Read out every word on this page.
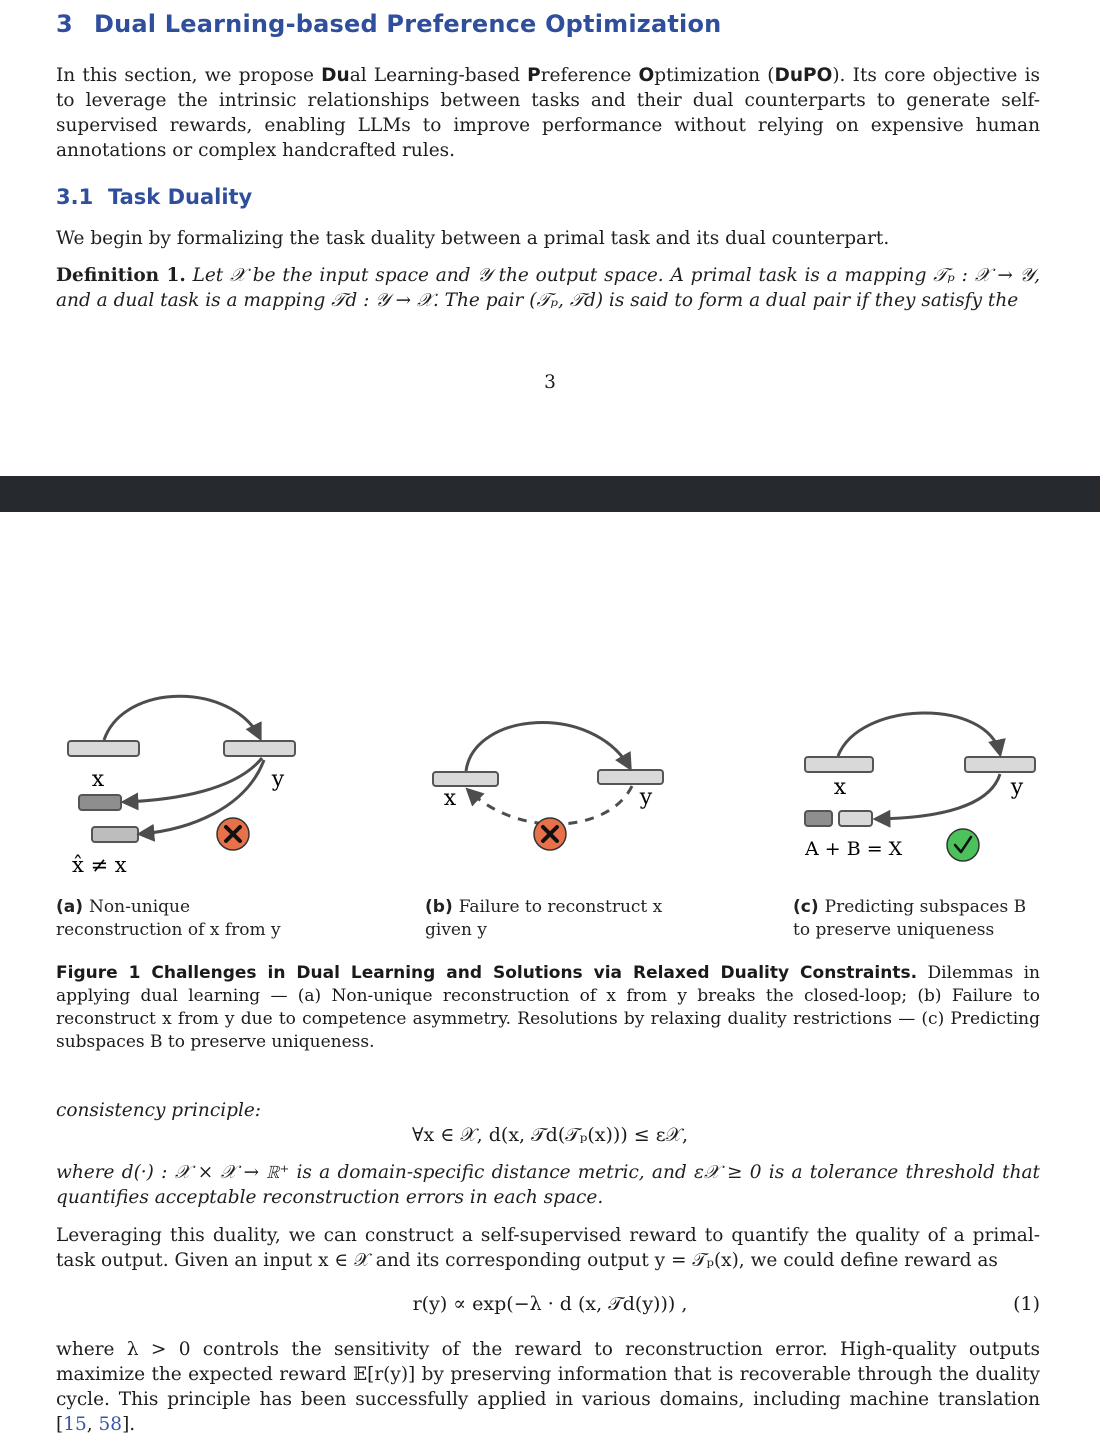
3 Dual Learning-based Preference Optimization

In this section, we propose Dual Learning-based Preference Optimization (DuPO). Its core objective is to leverage the intrinsic relationships between tasks and their dual counterparts to generate self-supervised rewards, enabling LLMs to improve performance without relying on expensive human annotations or complex handcrafted rules.

3.1 Task Duality

We begin by formalizing the task duality between a primal task and its dual counterpart.

Definition 1. Let 𝒳 be the input space and 𝒴 the output space. A primal task is a mapping 𝒯ₚ : 𝒳 → 𝒴, and a dual task is a mapping 𝒯d : 𝒴 → 𝒳. The pair (𝒯ₚ, 𝒯d) is said to form a dual pair if they satisfy the

3

x	y
x̂ ≠ x
x	y	x	y
A + B = X

(a) Non-unique reconstruction of x from y

(b) Failure to reconstruct x given y

(c) Predicting subspaces B to preserve uniqueness

Figure 1 Challenges in Dual Learning and Solutions via Relaxed Duality Constraints. Dilemmas in applying dual learning — (a) Non-unique reconstruction of x from y breaks the closed-loop; (b) Failure to reconstruct x from y due to competence asymmetry. Resolutions by relaxing duality restrictions — (c) Predicting subspaces B to preserve uniqueness.

consistency principle:

∀x ∈ 𝒳, d(x, 𝒯d(𝒯ₚ(x))) ≤ ε𝒳,

where d(·) : 𝒳 × 𝒳 → ℝ⁺ is a domain-specific distance metric, and ε𝒳 ≥ 0 is a tolerance threshold that quantifies acceptable reconstruction errors in each space.

Leveraging this duality, we can construct a self-supervised reward to quantify the quality of a primal-task output. Given an input x ∈ 𝒳 and its corresponding output y = 𝒯ₚ(x), we could define reward as

r(y) ∝ exp(−λ · d (x, 𝒯d(y))) ,	(1)

where λ > 0 controls the sensitivity of the reward to reconstruction error. High-quality outputs maximize the expected reward 𝔼[r(y)] by preserving information that is recoverable through the duality cycle. This principle has been successfully applied in various domains, including machine translation [15, 58].
